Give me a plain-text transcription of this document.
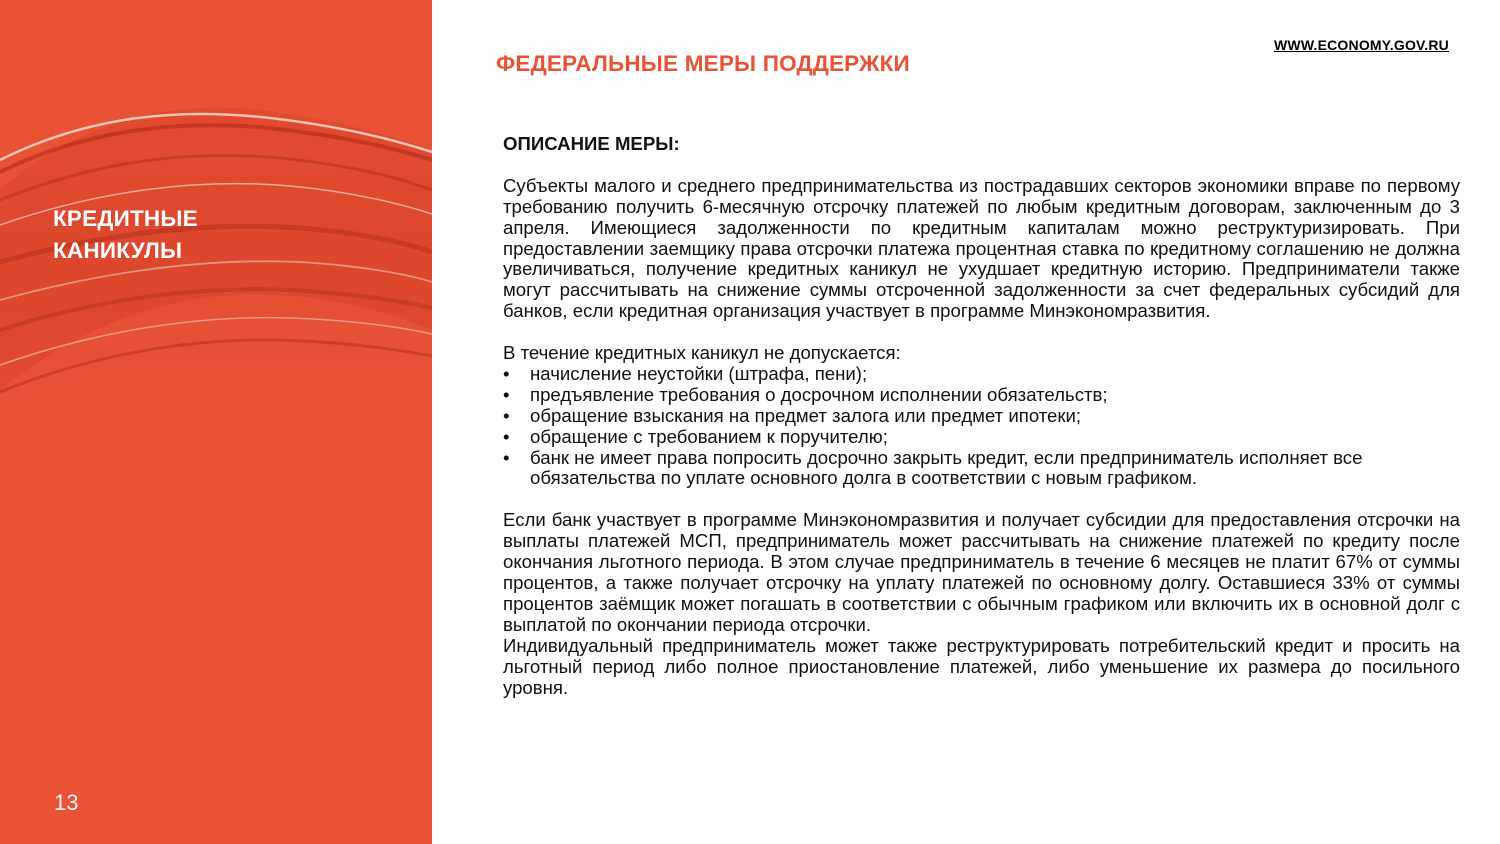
КРЕДИТНЫЕ
КАНИКУЛЫ
13
WWW.ECONOMY.GOV.RU
ФЕДЕРАЛЬНЫЕ МЕРЫ ПОДДЕРЖКИ
ОПИСАНИЕ МЕРЫ:

Субъекты малого и среднего предпринимательства из пострадавших секторов экономики вправе по первому требованию получить 6-месячную отсрочку платежей по любым кредитным договорам, заключенным до 3 апреля. Имеющиеся задолженности по кредитным капиталам можно реструктуризировать. При предоставлении заемщику права отсрочки платежа процентная ставка по кредитному соглашению не должна увеличиваться, получение кредитных каникул не ухудшает кредитную историю. Предприниматели также могут рассчитывать на снижение суммы отсроченной задолженности за счет федеральных субсидий для банков, если кредитная организация участвует в программе Минэкономразвития.

В течение кредитных каникул не допускается:

• начисление неустойки (штрафа, пени);
• предъявление требования о досрочном исполнении обязательств;
• обращение взыскания на предмет залога или предмет ипотеки;
• обращение с требованием к поручителю;
• банк не имеет права попросить досрочно закрыть кредит, если предприниматель исполняет все обязательства по уплате основного долга в соответствии с новым графиком.

Если банк участвует в программе Минэкономразвития и получает субсидии для предоставления отсрочки на выплаты платежей МСП, предприниматель может рассчитывать на снижение платежей по кредиту после окончания льготного периода. В этом случае предприниматель в течение 6 месяцев не платит 67% от суммы процентов, а также получает отсрочку на уплату платежей по основному долгу. Оставшиеся 33% от суммы процентов заёмщик может погашать в соответствии с обычным графиком или включить их в основной долг с выплатой по окончании периода отсрочки.

Индивидуальный предприниматель может также реструктурировать потребительский кредит и просить на льготный период либо полное приостановление платежей, либо уменьшение их размера до посильного уровня.
